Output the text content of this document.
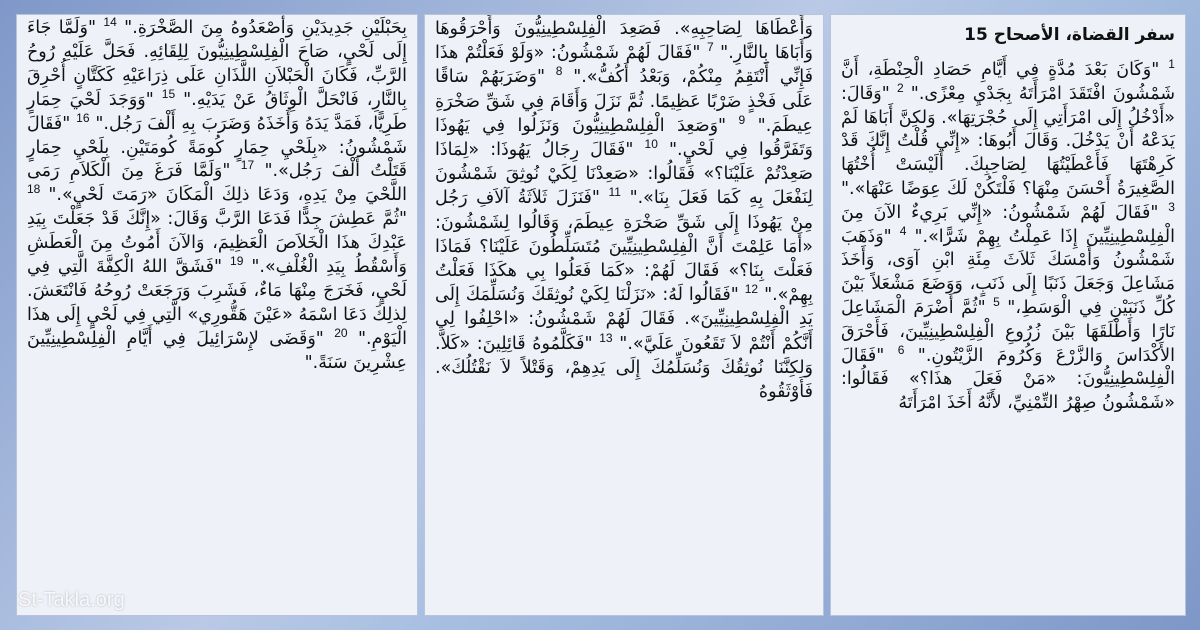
سفر القضاة، الأصحاح 15

$^1$ "وَكَانَ بَعْدَ مُدَّةٍ فِي أَيَّامِ حَصَادِ الْحِنْطَةِ، أَنَّ شَمْشُونَ افْتَقَدَ امْرَأَتَهُ بِجَدْيِ مِعْزًى." $^2$ "وَقَالَ: «أَدْخُلُ إِلَى امْرَأَتِي إِلَى حُجْرَتِهَا». وَلكِنَّ أَبَاهَا لَمْ يَدَعْهُ أَنْ يَدْخُلَ. وَقَالَ أَبُوهَا: «إِنِّي قُلْتُ إِنَّكَ قَدْ كَرِهْتَهَا فَأَعْطَيْتُهَا لِصَاحِبِكَ. أَلَيْسَتْ أُخْتُهَا الصَّغِيرَةُ أَحْسَنَ مِنْهَا؟ فَلْتَكُنْ لَكَ عِوَضًا عَنْهَا»." $^3$ "فَقَالَ لَهُمْ شَمْشُونُ: «إِنِّي بَرِيءٌ الآنَ مِنَ الْفِلِسْطِينِيِّينَ إِذَا عَمِلْتُ بِهِمْ شَرًّا»." $^4$ "وَذَهَبَ شَمْشُونُ وَأَمْسَكَ ثَلاَثَ مِئَةِ ابْنِ آوَى، وَأَخَذَ مَشَاعِلَ وَجَعَلَ ذَنَبًا إِلَى ذَنَبٍ، وَوَضَعَ مَشْعَلاً بَيْنَ كُلِّ ذَنَبَيْنِ فِي الْوَسَطِ،" $^5$ "ثُمَّ أَضْرَمَ الْمَشَاعِلَ نَارًا وَأَطْلَقَهَا بَيْنَ زُرُوعِ الْفِلِسْطِينِيِّينَ، فَأَحْرَقَ الأَكْدَاسَ وَالزَّرْعَ وَكُرُومَ الزَّيْتُونِ." $^6$ "فَقَالَ الْفِلِسْطِينِيُّونَ: «مَنْ فَعَلَ هذَا؟» فَقَالُوا: «شَمْشُونُ صِهْرُ التِّمْنِيِّ، لأَنَّهُ أَخَذَ امْرَأَتَهُ

وَأَعْطَاهَا لِصَاحِبِهِ». فَصَعِدَ الْفِلِسْطِينِيُّونَ وَأَحْرَقُوهَا وَأَبَاهَا بِالنَّارِ." $^7$ "فَقَالَ لَهُمْ شَمْشُونُ: «وَلَوْ فَعَلْتُمْ هذَا فَإِنِّي أَنْتَقِمُ مِنْكُمْ، وَبَعْدُ أَكُفُّ»." $^8$ "وَضَرَبَهُمْ سَاقًا عَلَى فَخْذٍ ضَرْبًا عَظِيمًا. ثُمَّ نَزَلَ وَأَقَامَ فِي شَقِّ صَخْرَةِ عِيطَمَ." $^9$ "وَصَعِدَ الْفِلِسْطِينِيُّونَ وَنَزَلُوا فِي يَهُوذَا وَتَفَرَّقُوا فِي لَحْيٍ." $^{10}$ "فَقَالَ رِجَالُ يَهُوذَا: «لِمَاذَا صَعِدْتُمْ عَلَيْنَا؟» فَقَالُوا: «صَعِدْنَا لِكَيْ نُوثِقَ شَمْشُونَ لِنَفْعَلَ بِهِ كَمَا فَعَلَ بِنَا»." $^{11}$ "فَنَزَلَ ثَلاَثَةُ آلاَفِ رَجُل مِنْ يَهُوذَا إِلَى شَقِّ صَخْرَةِ عِيطَمَ، وَقَالُوا لِشَمْشُونَ: «أَمَا عَلِمْتَ أَنَّ الْفِلِسْطِينِيِّينَ مُتَسَلِّطُونَ عَلَيْنَا؟ فَمَاذَا فَعَلْتَ بِنَا؟» فَقَالَ لَهُمْ: «كَمَا فَعَلُوا بِي هكَذَا فَعَلْتُ بِهِمْ»." $^{12}$ "فَقَالُوا لَهُ: «نَزَلْنَا لِكَيْ نُوثِقَكَ وَنُسَلِّمَكَ إِلَى يَدِ الْفِلِسْطِينِيِّينَ». فَقَالَ لَهُمْ شَمْشُونُ: «احْلِفُوا لِي أَنَّكُمْ أَنْتُمْ لاَ تَقَعُونَ عَلَيَّ»." $^{13}$ "فَكَلَّمُوهُ قَائِلِينَ: «كَلاَّ. وَلكِنَّنَا نُوثِقُكَ وَنُسَلِّمُكَ إِلَى يَدِهِمْ، وَقَتْلاً لاَ نَقْتُلُكَ». فَأَوْثَقُوهُ

بِحَبْلَيْنِ جَدِيدَيْنِ وَأَصْعَدُوهُ مِنَ الصَّخْرَةِ." $^{14}$ "وَلَمَّا جَاءَ إِلَى لَحْيٍ، صَاحَ الْفِلِسْطِينِيُّونَ لِلِقَائِهِ. فَحَلَّ عَلَيْهِ رُوحُ الرَّبِّ، فَكَانَ الْحَبْلاَنِ اللَّذَانِ عَلَى ذِرَاعَيْهِ كَكَتَّانٍ أُحْرِقَ بِالنَّارِ، فَانْحَلَّ الْوِثَاقُ عَنْ يَدَيْهِ." $^{15}$ "وَوَجَدَ لَحْيَ حِمَارٍ طَرِيًّا، فَمَدَّ يَدَهُ وَأَخَذَهُ وَضَرَبَ بِهِ أَلْفَ رَجُل." $^{16}$ "فَقَالَ شَمْشُونُ: «بِلَحْيِ حِمَارٍ كُومَةً كُومَتَيْنِ. بِلَحْيِ حِمَارٍ قَتَلْتُ أَلْفَ رَجُل»." $^{17}$ "وَلَمَّا فَرَغَ مِنَ الْكَلاَمِ رَمَى اللَّحْيَ مِنْ يَدِهِ، وَدَعَا ذلِكَ الْمَكَانَ «رَمَتَ لَحْيٍ»." $^{18}$ "ثُمَّ عَطِشَ جِدًّا فَدَعَا الرَّبَّ وَقَالَ: «إِنَّكَ قَدْ جَعَلْتَ بِيَدِ عَبْدِكَ هذَا الْخَلاَصَ الْعَظِيمَ، وَالآنَ أَمُوتُ مِنَ الْعَطَشِ وَأَسْقُطُ بِيَدِ الْغُلْفِ»." $^{19}$ "فَشَقَّ اللهُ الْكِفَّةَ الَّتِي فِي لَحْيٍ، فَخَرَجَ مِنْهَا مَاءٌ، فَشَرِبَ وَرَجَعَتْ رُوحُهُ فَانْتَعَشَ. لِذلِكَ دَعَا اسْمَهُ «عَيْنَ هَقُّورِي» الَّتِي فِي لَحْيٍ إِلَى هذَا الْيَوْمِ." $^{20}$ "وَقَضَى لإِسْرَائِيلَ فِي أَيَّامِ الْفِلِسْطِينِيِّينَ عِشْرِينَ سَنَةً."

St-Takla.org
